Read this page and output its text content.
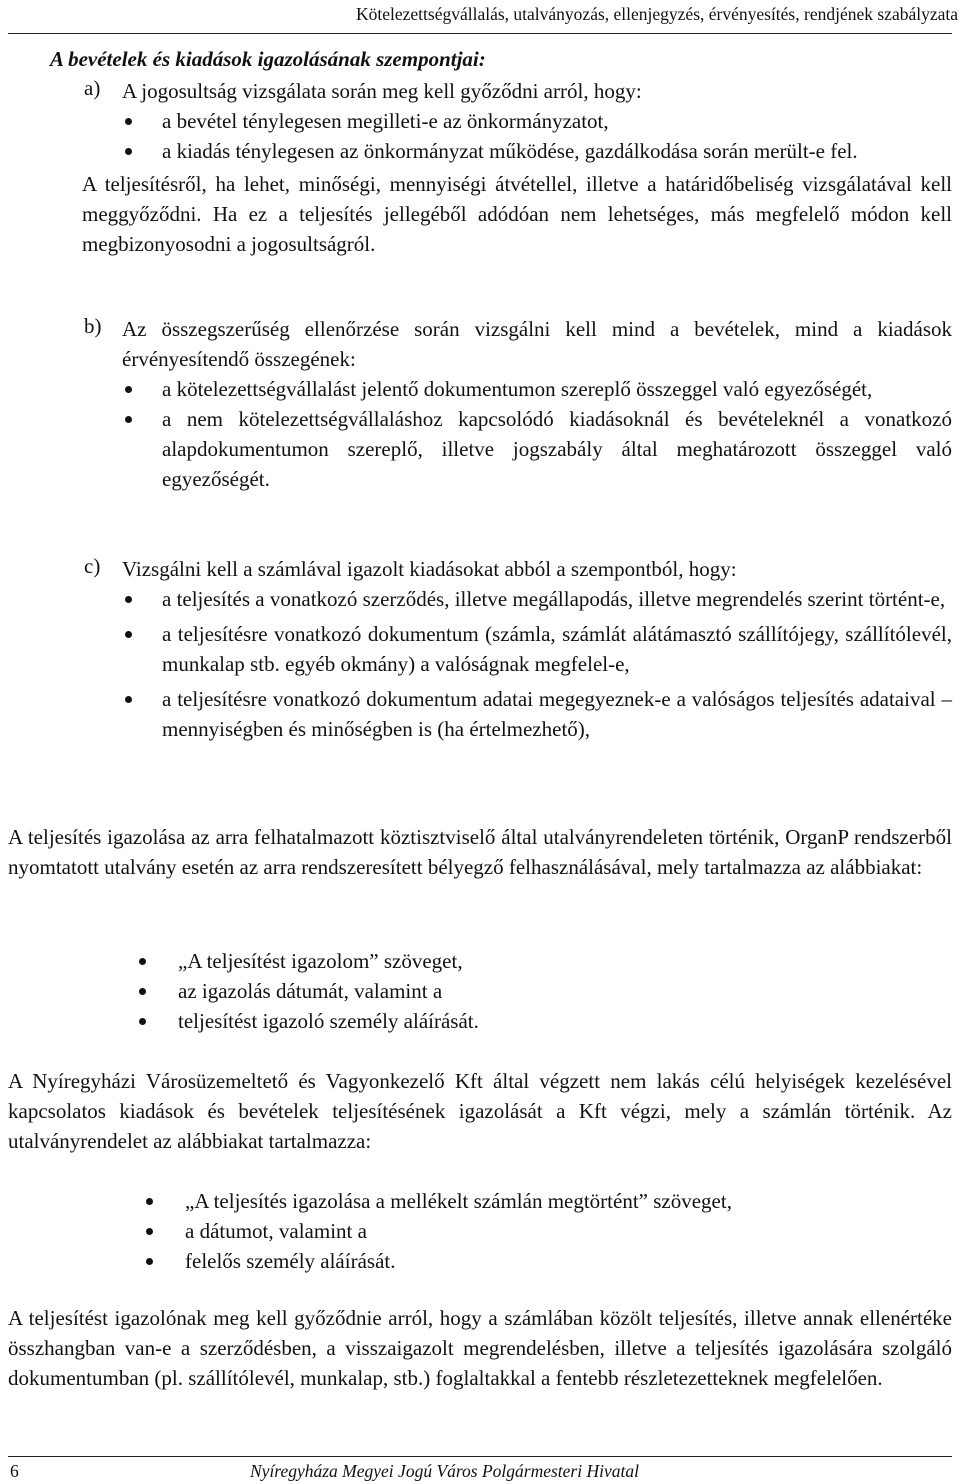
Kötelezettségvállalás, utalványozás, ellenjegyzés, érvényesítés, rendjének szabályzata
A bevételek és kiadások igazolásának szempontjai:
a) A jogosultság vizsgálata során meg kell győződni arról, hogy:

a bevétel ténylegesen megilleti-e az önkormányzatot,
a kiadás ténylegesen az önkormányzat működése, gazdálkodása során merült-e fel.

A teljesítésről, ha lehet, minőségi, mennyiségi átvétellel, illetve a határidőbeliség vizsgálatával kell meggyőződni. Ha ez a teljesítés jellegéből adódóan nem lehetséges, más megfelelő módon kell megbizonyosodni a jogosultságról.

b) Az összegszerűség ellenőrzése során vizsgálni kell mind a bevételek, mind a kiadások érvényesítendő összegének:

a kötelezettségvállalást jelentő dokumentumon szereplő összeggel való egyezőségét,
a nem kötelezettségvállaláshoz kapcsolódó kiadásoknál és bevételeknél a vonatkozó alapdokumentumon szereplő, illetve jogszabály által meghatározott összeggel való egyezőségét.
c) Vizsgálni kell a számlával igazolt kiadásokat abból a szempontból, hogy:

a teljesítés a vonatkozó szerződés, illetve megállapodás, illetve megrendelés szerint történt-e,
a teljesítésre vonatkozó dokumentum (számla, számlát alátámasztó szállítójegy, szállítólevél, munkalap stb. egyéb okmány) a valóságnak megfelel-e,
a teljesítésre vonatkozó dokumentum adatai megegyeznek-e a valóságos teljesítés adataival – mennyiségben és minőségben is (ha értelmezhető),

A teljesítés igazolása az arra felhatalmazott köztisztviselő által utalványrendeleten történik, OrganP rendszerből nyomtatott utalvány esetén az arra rendszeresített bélyegző felhasználásával, mely tartalmazza az alábbiakat:

„A teljesítést igazolom” szöveget,
az igazolás dátumát, valamint a
teljesítést igazoló személy aláírását.

A Nyíregyházi Városüzemeltető és Vagyonkezelő Kft által végzett nem lakás célú helyiségek kezelésével kapcsolatos kiadások és bevételek teljesítésének igazolását a Kft végzi, mely a számlán történik. Az utalványrendelet az alábbiakat tartalmazza:

„A teljesítés igazolása a mellékelt számlán megtörtént” szöveget,
a dátumot, valamint a
felelős személy aláírását.

A teljesítést igazolónak meg kell győződnie arról, hogy a számlában közölt teljesítés, illetve annak ellenértéke összhangban van-e a szerződésben, a visszaigazolt megrendelésben, illetve a teljesítés igazolására szolgáló dokumentumban (pl. szállítólevél, munkalap, stb.) foglaltakkal a fentebb részletezetteknek megfelelően.

6	Nyíregyháza Megyei Jogú Város Polgármesteri Hivatal
